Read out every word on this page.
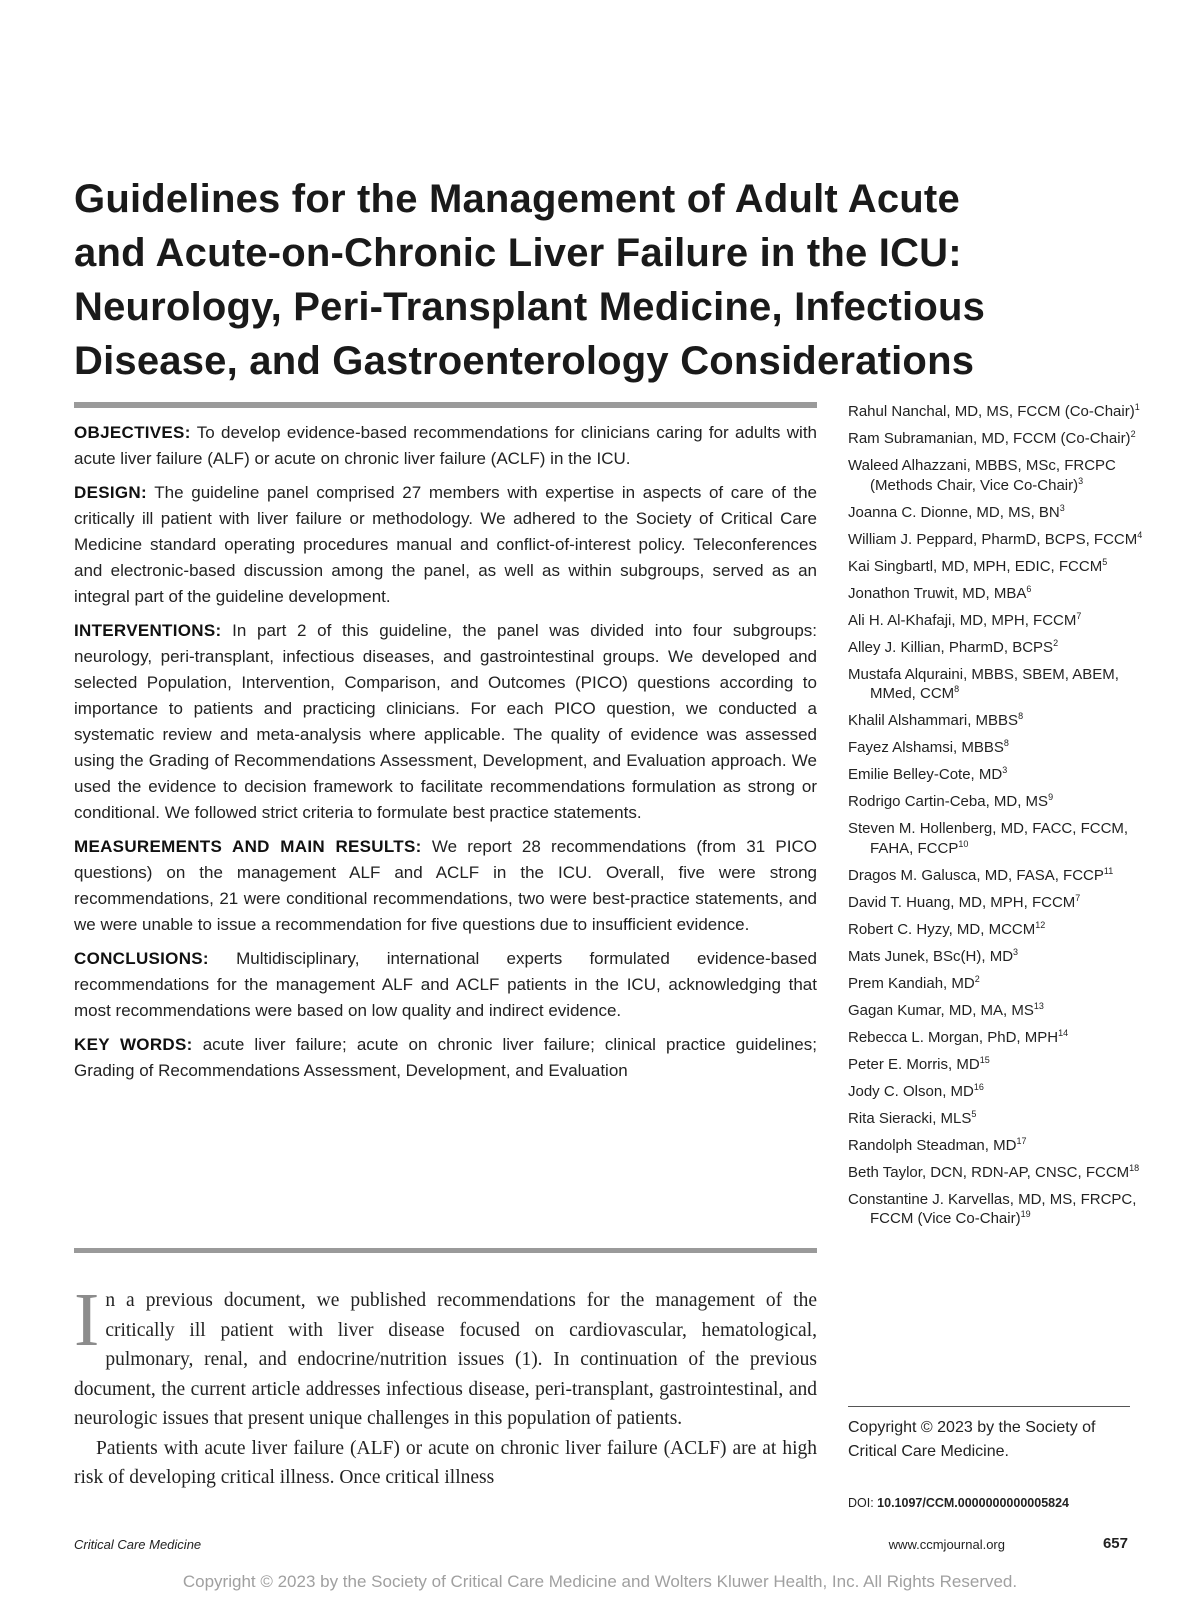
Guidelines for the Management of Adult Acute
and Acute-on-Chronic Liver Failure in the ICU:
Neurology, Peri-Transplant Medicine, Infectious
Disease, and Gastroenterology Considerations

OBJECTIVES: To develop evidence-based recommendations for clinicians caring for adults with acute liver failure (ALF) or acute on chronic liver failure (ACLF) in the ICU.

DESIGN: The guideline panel comprised 27 members with expertise in aspects of care of the critically ill patient with liver failure or methodology. We adhered to the Society of Critical Care Medicine standard operating procedures manual and conflict-of-interest policy. Teleconferences and electronic-based discussion among the panel, as well as within subgroups, served as an integral part of the guideline development.

INTERVENTIONS: In part 2 of this guideline, the panel was divided into four subgroups: neurology, peri-transplant, infectious diseases, and gastrointestinal groups. We developed and selected Population, Intervention, Comparison, and Outcomes (PICO) questions according to importance to patients and practicing clinicians. For each PICO question, we conducted a systematic review and meta-analysis where applicable. The quality of evidence was assessed using the Grading of Recommendations Assessment, Development, and Evaluation approach. We used the evidence to decision framework to facilitate recommendations formulation as strong or conditional. We followed strict criteria to formulate best practice statements.

MEASUREMENTS AND MAIN RESULTS: We report 28 recommendations (from 31 PICO questions) on the management ALF and ACLF in the ICU. Overall, five were strong recommendations, 21 were conditional recommendations, two were best-practice statements, and we were unable to issue a recommendation for five questions due to insufficient evidence.

CONCLUSIONS: Multidisciplinary, international experts formulated evidence-based recommendations for the management ALF and ACLF patients in the ICU, acknowledging that most recommendations were based on low quality and indirect evidence.

KEY WORDS: acute liver failure; acute on chronic liver failure; clinical practice guidelines; Grading of Recommendations Assessment, Development, and Evaluation

In a previous document, we published recommendations for the management of the critically ill patient with liver disease focused on cardiovascular, hematological, pulmonary, renal, and endocrine/nutrition issues (1). In continuation of the previous document, the current article addresses infectious disease, peri-transplant, gastrointestinal, and neurologic issues that present unique challenges in this population of patients.

Patients with acute liver failure (ALF) or acute on chronic liver failure (ACLF) are at high risk of developing critical illness. Once critical illness

Rahul Nanchal, MD, MS, FCCM (Co-Chair)$^1$
Ram Subramanian, MD, FCCM (Co-Chair)$^2$
Waleed Alhazzani, MBBS, MSc, FRCPC (Methods Chair, Vice Co-Chair)$^3$
Joanna C. Dionne, MD, MS, $BN^3$
William J. Peppard, PharmD, BCPS, FCCM$^4$
Kai Singbartl, MD, MPH, EDIC, FCCM$^5$
Jonathon Truwit, MD, MBA$^6$
Ali H. Al-Khafaji, MD, MPH, FCCM$^7$
Alley J. Killian, PharmD, BCPS$^2$
Mustafa Alquraini, MBBS, SBEM, ABEM, MMed, CCM$^8$
Khalil Alshammari, MBBS$^8$
Fayez Alshamsi, MBBS$^8$
Emilie Belley-Cote, $MD^3$
Rodrigo Cartin-Ceba, MD, $MS^9$
Steven M. Hollenberg, MD, FACC, FCCM, FAHA, FCCP$^{10}$
Dragos M. Galusca, MD, FASA, FCCP$^{11}$
David T. Huang, MD, MPH, FCCM$^7$
Robert C. Hyzy, MD, MCCM$^{12}$
Mats Junek, BSc(H), $MD^3$
Prem Kandiah, $MD^2$
Gagan Kumar, MD, MA, MS$^{13}$
Rebecca L. Morgan, PhD, MPH$^{14}$
Peter E. Morris, MD$^{15}$
Jody C. Olson, MD$^{16}$
Rita Sieracki, MLS$^5$
Randolph Steadman, MD$^{17}$
Beth Taylor, DCN, RDN-AP, CNSC, FCCM$^{18}$
Constantine J. Karvellas, MD, MS, FRCPC, FCCM (Vice Co-Chair)$^{19}$
Copyright © 2023 by the Society of Critical Care Medicine.
DOI: 10.1097/CCM.0000000000005824
Critical Care Medicine	www.ccmjournal.org	657
Copyright © 2023 by the Society of Critical Care Medicine and Wolters Kluwer Health, Inc. All Rights Reserved.
